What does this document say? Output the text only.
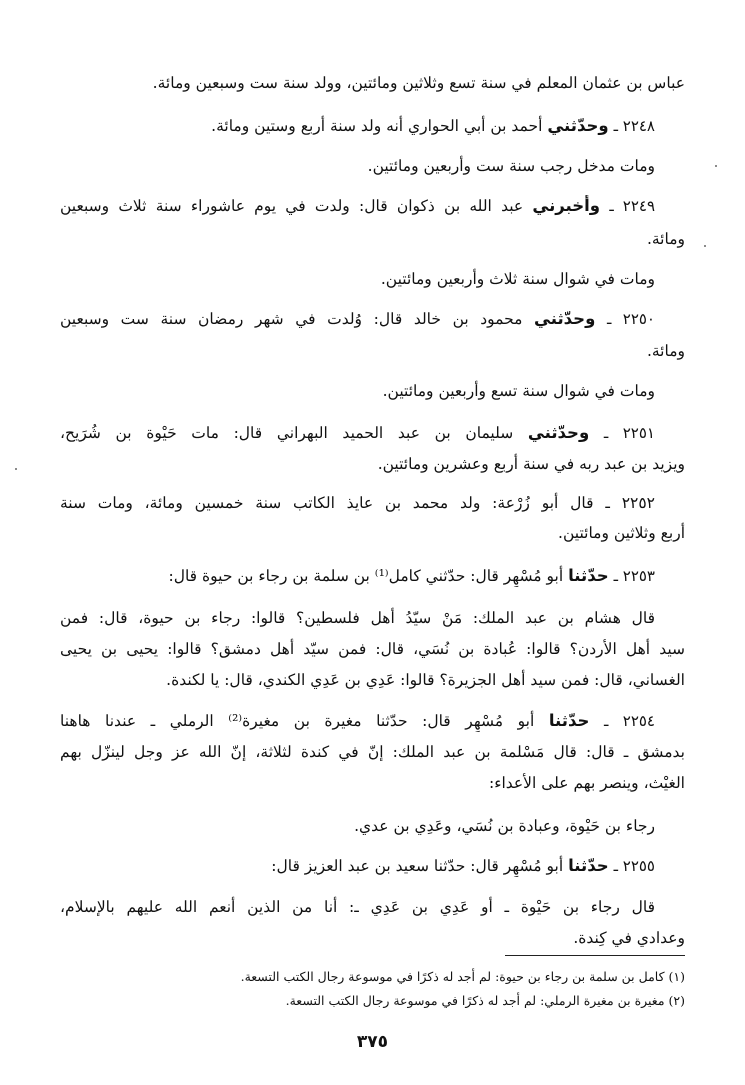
عباس بن عثمان المعلم في سنة تسع وثلاثين ومائتين، وولد سنة ست وسبعين ومائة.
٢٢٤٨ ـ وحدّثني أحمد بن أبي الحواري أنه ولد سنة أربع وستين ومائة.
ومات مدخل رجب سنة ست وأربعين ومائتين.
٢٢٤٩ ـ وأخبرني عبد الله بن ذكوان قال: ولدت في يوم عاشوراء سنة ثلاث وسبعين
ومائة.
ومات في شوال سنة ثلاث وأربعين ومائتين.
٢٢٥٠ ـ وحدّثني محمود بن خالد قال: وُلدت في شهر رمضان سنة ست وسبعين
ومائة.
ومات في شوال سنة تسع وأربعين ومائتين.
٢٢٥١ ـ وحدّثني سليمان بن عبد الحميد البهراني قال: مات حَيْوة بن شُرَيح،
ويزيد بن عبد ربه في سنة أربع وعشرين ومائتين.
٢٢٥٢ ـ قال أبو زُرْعة: ولد محمد بن عايذ الكاتب سنة خمسين ومائة، ومات سنة
أربع وثلاثين ومائتين.
٢٢٥٣ ـ حدّثنا أبو مُسْهِر قال: حدّثني كامل⁽¹⁾ بن سلمة بن رجاء بن حيوة قال:
قال هشام بن عبد الملك: مَنْ سيّدُ أهل فلسطين؟ قالوا: رجاء بن حيوة، قال: فمن
سيد أهل الأردن؟ قالوا: عُبادة بن نُسَي، قال: فمن سيّد أهل دمشق؟ قالوا: يحيى بن يحيى
الغساني، قال: فمن سيد أهل الجزيرة؟ قالوا: عَدِي بن عَدِي الكندي، قال: يا لكندة.
٢٢٥٤ ـ حدّثنا أبو مُسْهِر قال: حدّثنا مغيرة بن مغيرة⁽²⁾ الرملي ـ عندنا هاهنا
بدمشق ـ قال: قال مَسْلمة بن عبد الملك: إنّ في كندة لثلاثة، إنّ الله عز وجل لينزّل بهم
الغيْث، وينصر بهم على الأعداء:
رجاء بن حَيْوة، وعبادة بن نُسَي، وعَدِي بن عدي.
٢٢٥٥ ـ حدّثنا أبو مُسْهِر قال: حدّثنا سعيد بن عبد العزيز قال:
قال رجاء بن حَيْوة ـ أو عَدِي بن عَدِي ـ: أنا من الذين أنعم الله عليهم بالإسلام،
وعدادي في كِندة.
(١) كامل بن سلمة بن رجاء بن حيوة: لم أجد له ذكرًا في موسوعة رجال الكتب التسعة.
(٢) مغيرة بن مغيرة الرملي: لم أجد له ذكرًا في موسوعة رجال الكتب التسعة.
٣٧٥
